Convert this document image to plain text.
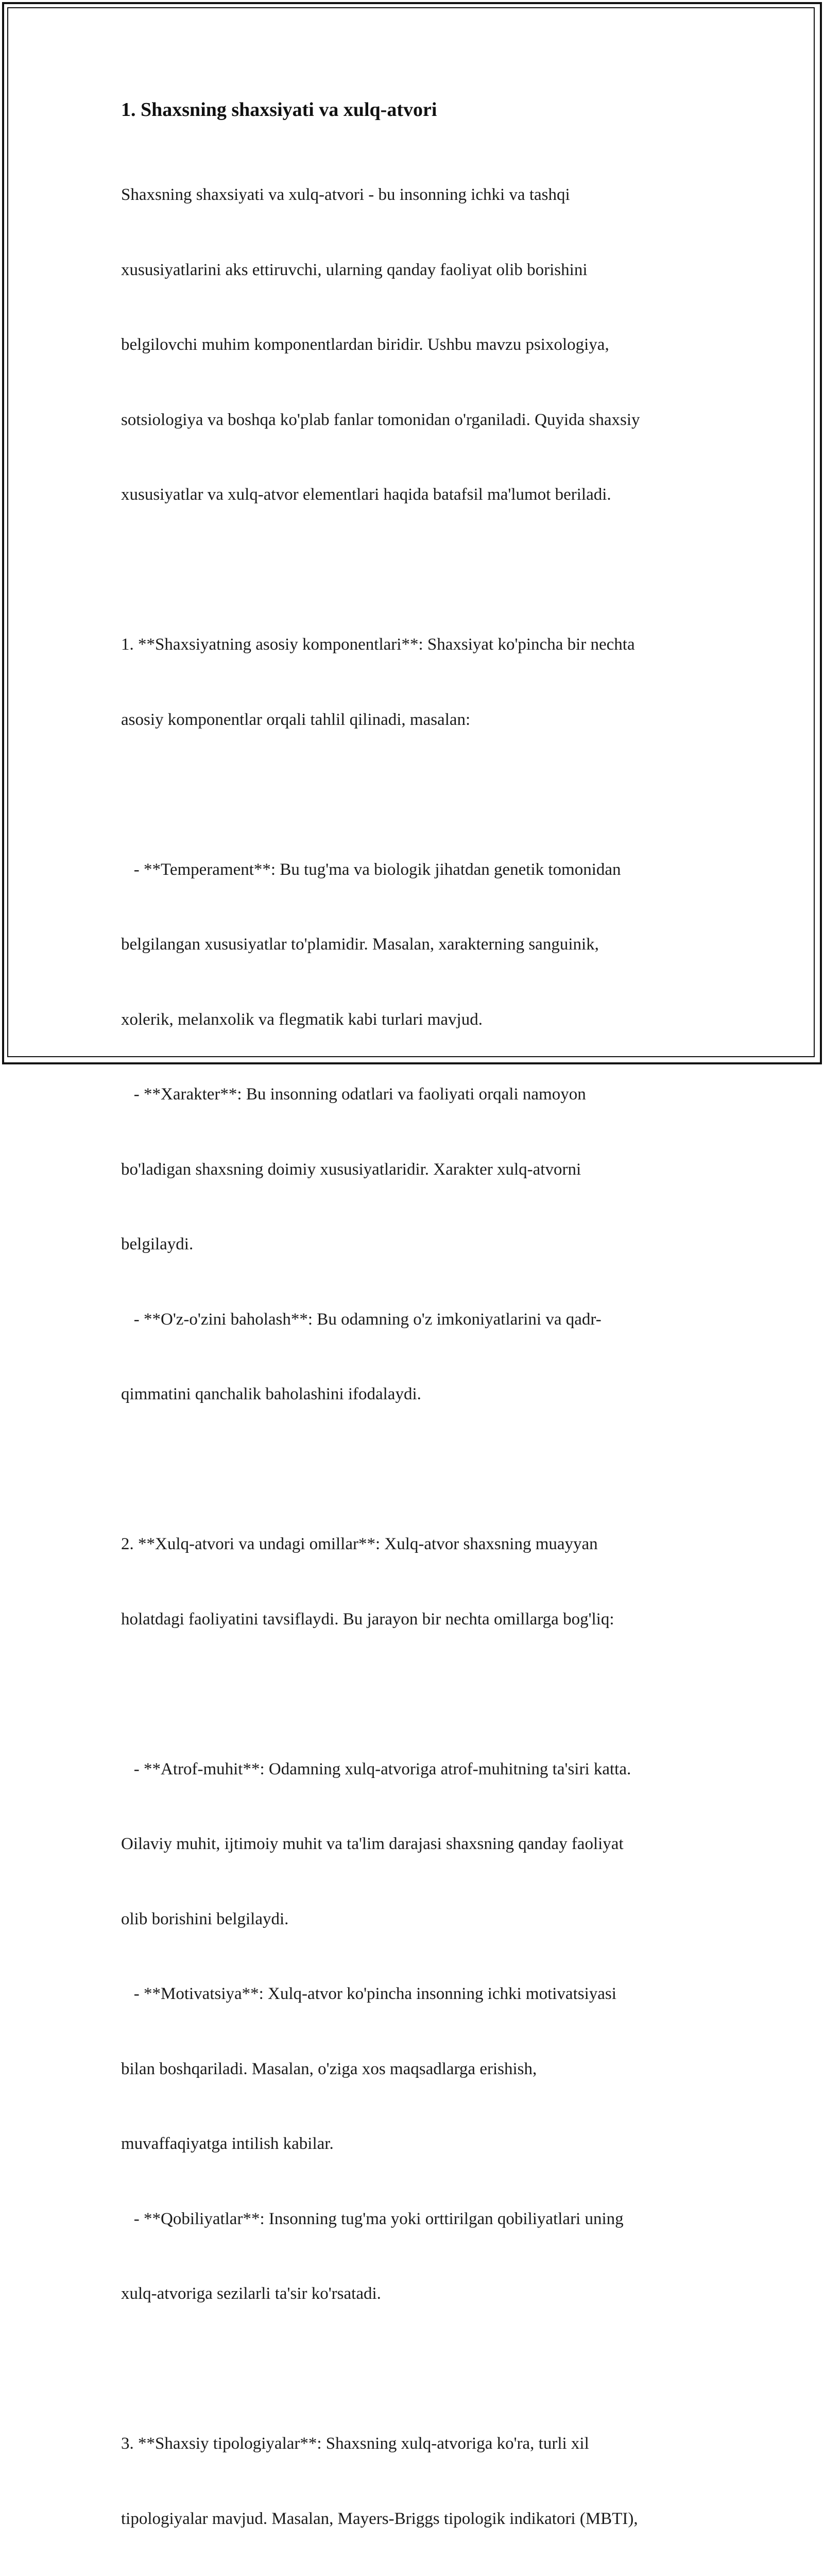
1. Shaxsning shaxsiyati va xulq-atvori

Shaxsning shaxsiyati va xulq-atvori - bu insonning ichki va tashqi

xususiyatlarini aks ettiruvchi, ularning qanday faoliyat olib borishini

belgilovchi muhim komponentlardan biridir. Ushbu mavzu psixologiya,

sotsiologiya va boshqa ko'plab fanlar tomonidan o'rganiladi. Quyida shaxsiy

xususiyatlar va xulq-atvor elementlari haqida batafsil ma'lumot beriladi.

1. **Shaxsiyatning asosiy komponentlari**: Shaxsiyat ko'pincha bir nechta

asosiy komponentlar orqali tahlil qilinadi, masalan:

- **Temperament**: Bu tug'ma va biologik jihatdan genetik tomonidan

belgilangan xususiyatlar to'plamidir. Masalan, xarakterning sanguinik,

xolerik, melanxolik va flegmatik kabi turlari mavjud.

- **Xarakter**: Bu insonning odatlari va faoliyati orqali namoyon

bo'ladigan shaxsning doimiy xususiyatlaridir. Xarakter xulq-atvorni

belgilaydi.

- **O'z-o'zini baholash**: Bu odamning o'z imkoniyatlarini va qadr-

qimmatini qanchalik baholashini ifodalaydi.

2. **Xulq-atvori va undagi omillar**: Xulq-atvor shaxsning muayyan

holatdagi faoliyatini tavsiflaydi. Bu jarayon bir nechta omillarga bog'liq:

- **Atrof-muhit**: Odamning xulq-atvoriga atrof-muhitning ta'siri katta.

Oilaviy muhit, ijtimoiy muhit va ta'lim darajasi shaxsning qanday faoliyat

olib borishini belgilaydi.

- **Motivatsiya**: Xulq-atvor ko'pincha insonning ichki motivatsiyasi

bilan boshqariladi. Masalan, o'ziga xos maqsadlarga erishish,

muvaffaqiyatga intilish kabilar.

- **Qobiliyatlar**: Insonning tug'ma yoki orttirilgan qobiliyatlari uning

xulq-atvoriga sezilarli ta'sir ko'rsatadi.

3. **Shaxsiy tipologiyalar**: Shaxsning xulq-atvoriga ko'ra, turli xil

tipologiyalar mavjud. Masalan, Mayers-Briggs tipologik indikatori (MBTI),
